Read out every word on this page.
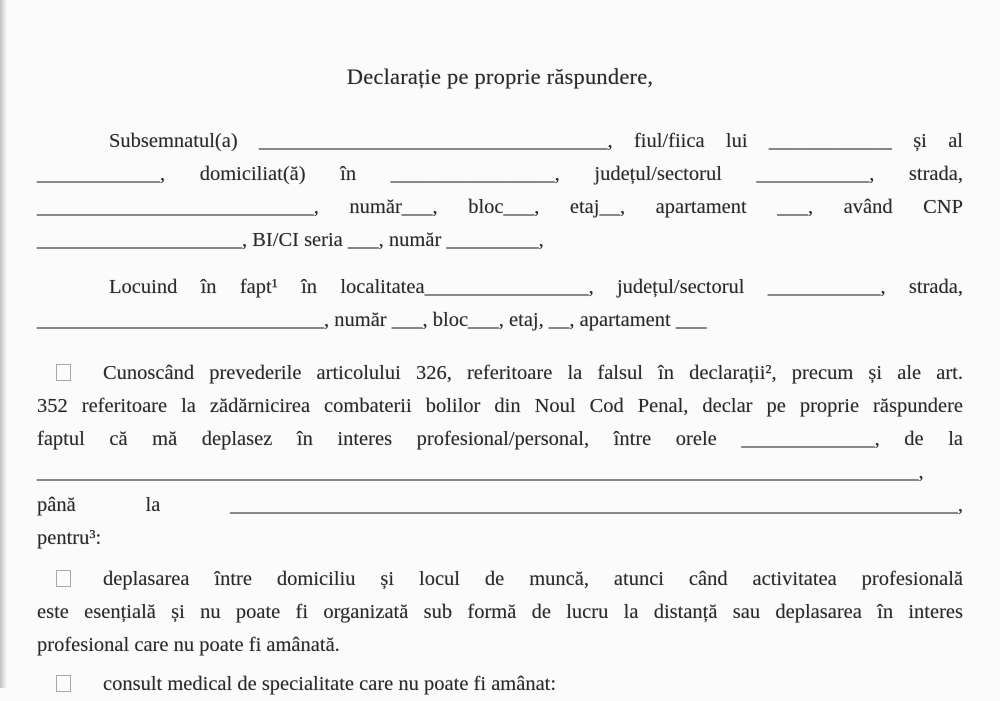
Declarație pe proprie răspundere,
Subsemnatul(a) __________________________________, fiul/fiica lui ____________ și al
____________, domiciliat(ă) în ________________, județul/sectorul ___________, strada,
___________________________, număr___, bloc___, etaj__, apartament ___, având CNP
____________________, BI/CI seria ___, număr _________,
Locuind în fapt¹ în localitatea________________, județul/sectorul ___________, strada,
____________________________, număr ___, bloc___, etaj, __, apartament ___
Cunoscând prevederile articolului 326, referitoare la falsul în declarații², precum și ale art.
352 referitoare la zădărnicirea combaterii bolilor din Noul Cod Penal, declar pe proprie răspundere
faptul că mă deplasez în interes profesional/personal, între orele _____________, de la
______________________________________________________________________________________,
până la _______________________________________________________________________,
pentru³:
deplasarea între domiciliu și locul de muncă, atunci când activitatea profesională
este esențială și nu poate fi organizată sub formă de lucru la distanță sau deplasarea în interes
profesional care nu poate fi amânată.
consult medical de specialitate care nu poate fi amânat:
